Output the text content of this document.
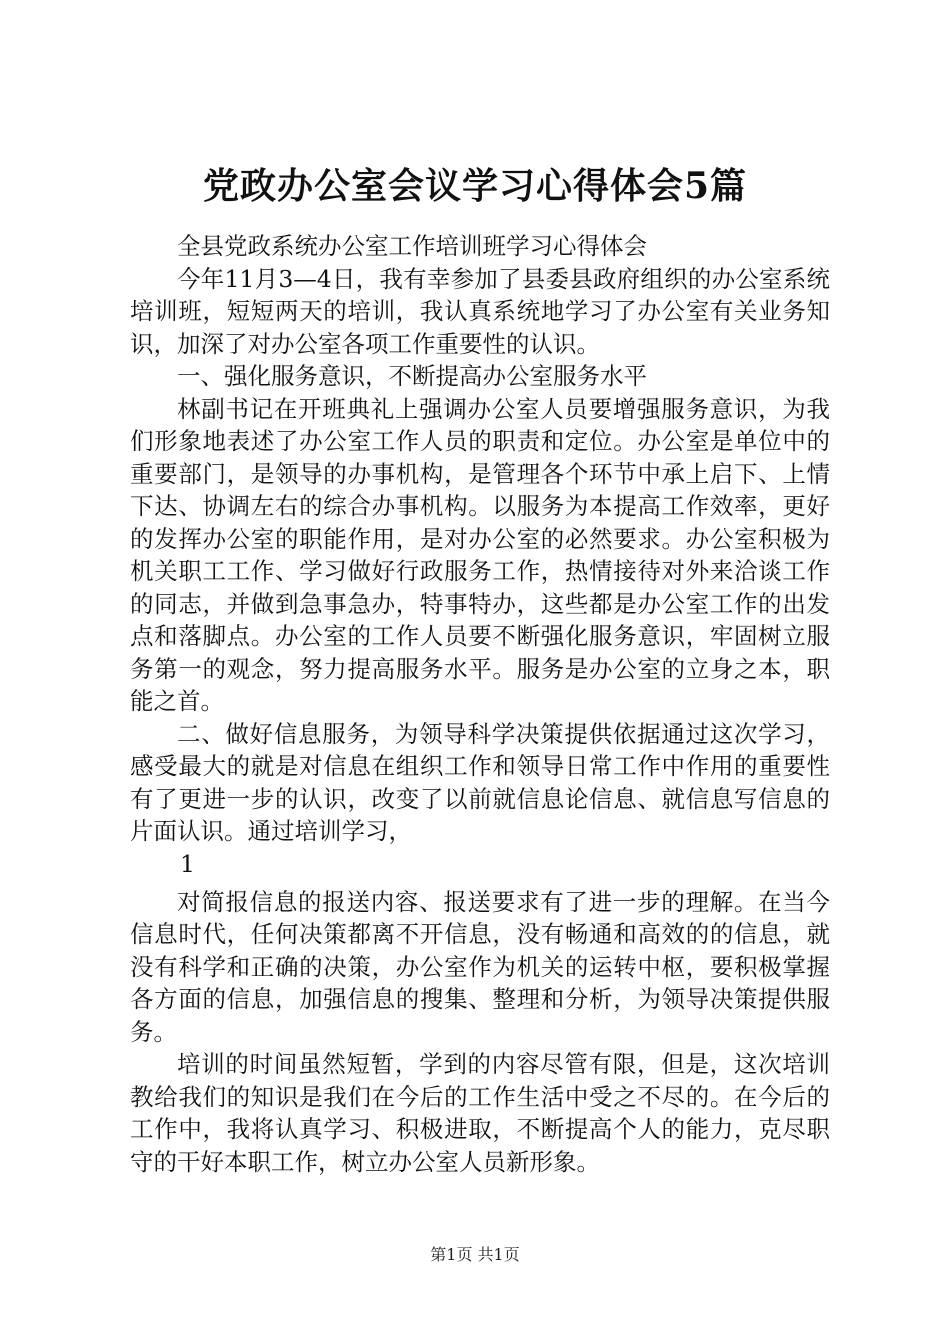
党政办公室会议学习心得体会5篇

全县党政系统办公室工作培训班学习心得体会

今年11月3—4日，我有幸参加了县委县政府组织的办公室系统培训班，短短两天的培训，我认真系统地学习了办公室有关业务知识，加深了对办公室各项工作重要性的认识。

一、强化服务意识，不断提高办公室服务水平

林副书记在开班典礼上强调办公室人员要增强服务意识，为我们形象地表述了办公室工作人员的职责和定位。办公室是单位中的重要部门，是领导的办事机构，是管理各个环节中承上启下、上情下达、协调左右的综合办事机构。以服务为本提高工作效率，更好的发挥办公室的职能作用，是对办公室的必然要求。办公室积极为机关职工工作、学习做好行政服务工作，热情接待对外来洽谈工作的同志，并做到急事急办，特事特办，这些都是办公室工作的出发点和落脚点。办公室的工作人员要不断强化服务意识，牢固树立服务第一的观念，努力提高服务水平。服务是办公室的立身之本，职能之首。

二、做好信息服务，为领导科学决策提供依据通过这次学习，感受最大的就是对信息在组织工作和领导日常工作中作用的重要性有了更进一步的认识，改变了以前就信息论信息、就信息写信息的片面认识。通过培训学习，

1

对简报信息的报送内容、报送要求有了进一步的理解。在当今信息时代，任何决策都离不开信息，没有畅通和高效的的信息，就没有科学和正确的决策，办公室作为机关的运转中枢，要积极掌握各方面的信息，加强信息的搜集、整理和分析，为领导决策提供服务。

培训的时间虽然短暂，学到的内容尽管有限，但是，这次培训教给我们的知识是我们在今后的工作生活中受之不尽的。在今后的工作中，我将认真学习、积极进取，不断提高个人的能力，克尽职守的干好本职工作，树立办公室人员新形象。

第1页 共1页
